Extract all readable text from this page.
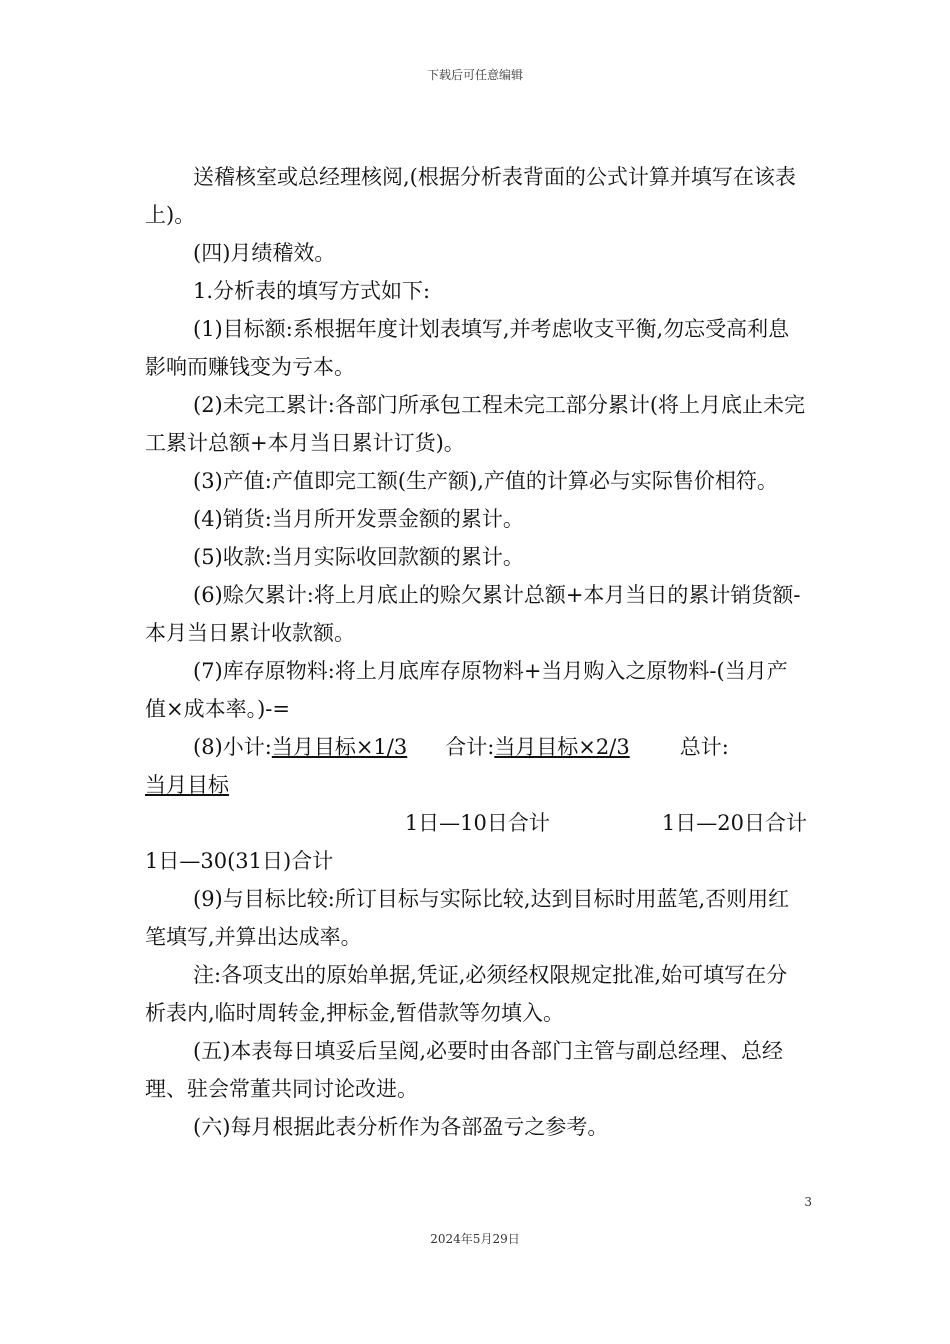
下载后可任意编辑

送稽核室或总经理核阅,(根据分析表背面的公式计算并填写在该表上)。

(四)月绩稽效。

1.分析表的填写方式如下:

(1)目标额:系根据年度计划表填写,并考虑收支平衡,勿忘受高利息影响而赚钱变为亏本。

(2)未完工累计:各部门所承包工程未完工部分累计(将上月底止未完工累计总额+本月当日累计订货)。

(3)产值:产值即完工额(生产额),产值的计算必与实际售价相符。

(4)销货:当月所开发票金额的累计。

(5)收款:当月实际收回款额的累计。

(6)赊欠累计:将上月底止的赊欠累计总额+本月当日的累计销货额-本月当日累计收款额。

(7)库存原物料:将上月底库存原物料+当月购入之原物料-(当月产值×成本率。)-=

(8)小计:当月目标×1/3 合计:当月目标×2/3 总计:

当月目标

1日—10日合计	1日—20日合计

1日—30(31日)合计

(9)与目标比较:所订目标与实际比较,达到目标时用蓝笔,否则用红笔填写,并算出达成率。

注:各项支出的原始单据,凭证,必须经权限规定批准,始可填写在分析表内,临时周转金,押标金,暂借款等勿填入。

(五)本表每日填妥后呈阅,必要时由各部门主管与副总经理、总经理、驻会常董共同讨论改进。

(六)每月根据此表分析作为各部盈亏之参考。

3
2024年5月29日
